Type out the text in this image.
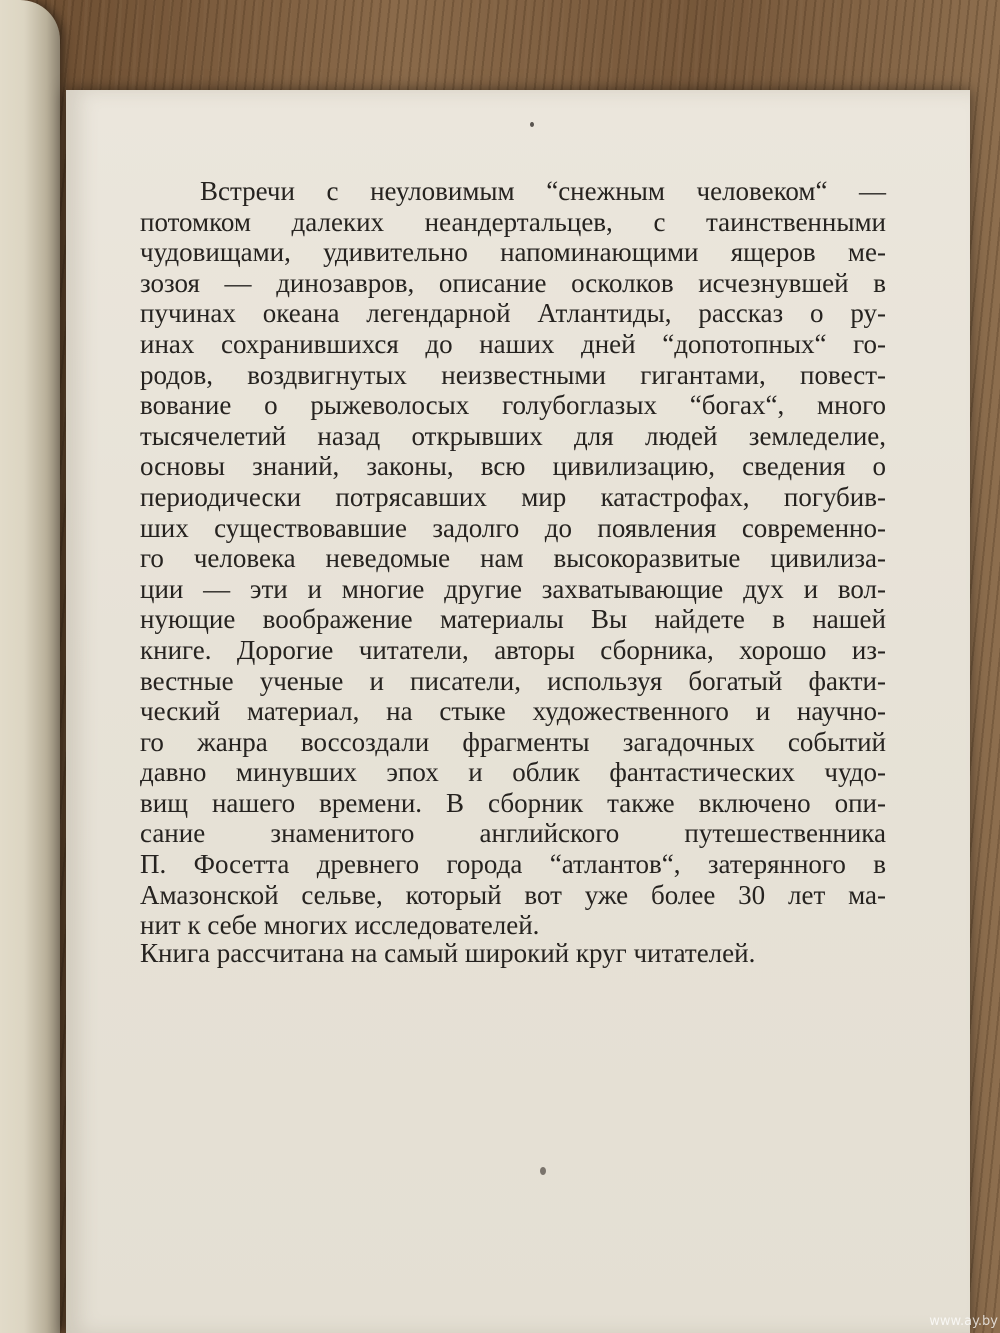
Встречи с неуловимым “снежным человеком“ —
потомком далеких неандертальцев, с таинственными
чудовищами, удивительно напоминающими ящеров ме-
зозоя — динозавров, описание осколков исчезнувшей в
пучинах океана легендарной Атлантиды, рассказ о ру-
инах сохранившихся до наших дней “допотопных“ го-
родов, воздвигнутых неизвестными гигантами, повест-
вование о рыжеволосых голубоглазых “богах“, много
тысячелетий назад открывших для людей земледелие,
основы знаний, законы, всю цивилизацию, сведения о
периодически потрясавших мир катастрофах, погубив-
ших существовавшие задолго до появления современно-
го человека неведомые нам высокоразвитые цивилиза-
ции — эти и многие другие захватывающие дух и вол-
нующие воображение материалы Вы найдете в нашей
книге. Дорогие читатели, авторы сборника, хорошо из-
вестные ученые и писатели, используя богатый факти-
ческий материал, на стыке художественного и научно-
го жанра воссоздали фрагменты загадочных событий
давно минувших эпох и облик фантастических чудо-
вищ нашего времени. В сборник также включено опи-
сание знаменитого английского путешественника
П. Фосетта древнего города “атлантов“, затерянного в
Амазонской сельве, который вот уже более 30 лет ма-
нит к себе многих исследователей.
Книга рассчитана на самый широкий круг читателей.
www.ay.by
